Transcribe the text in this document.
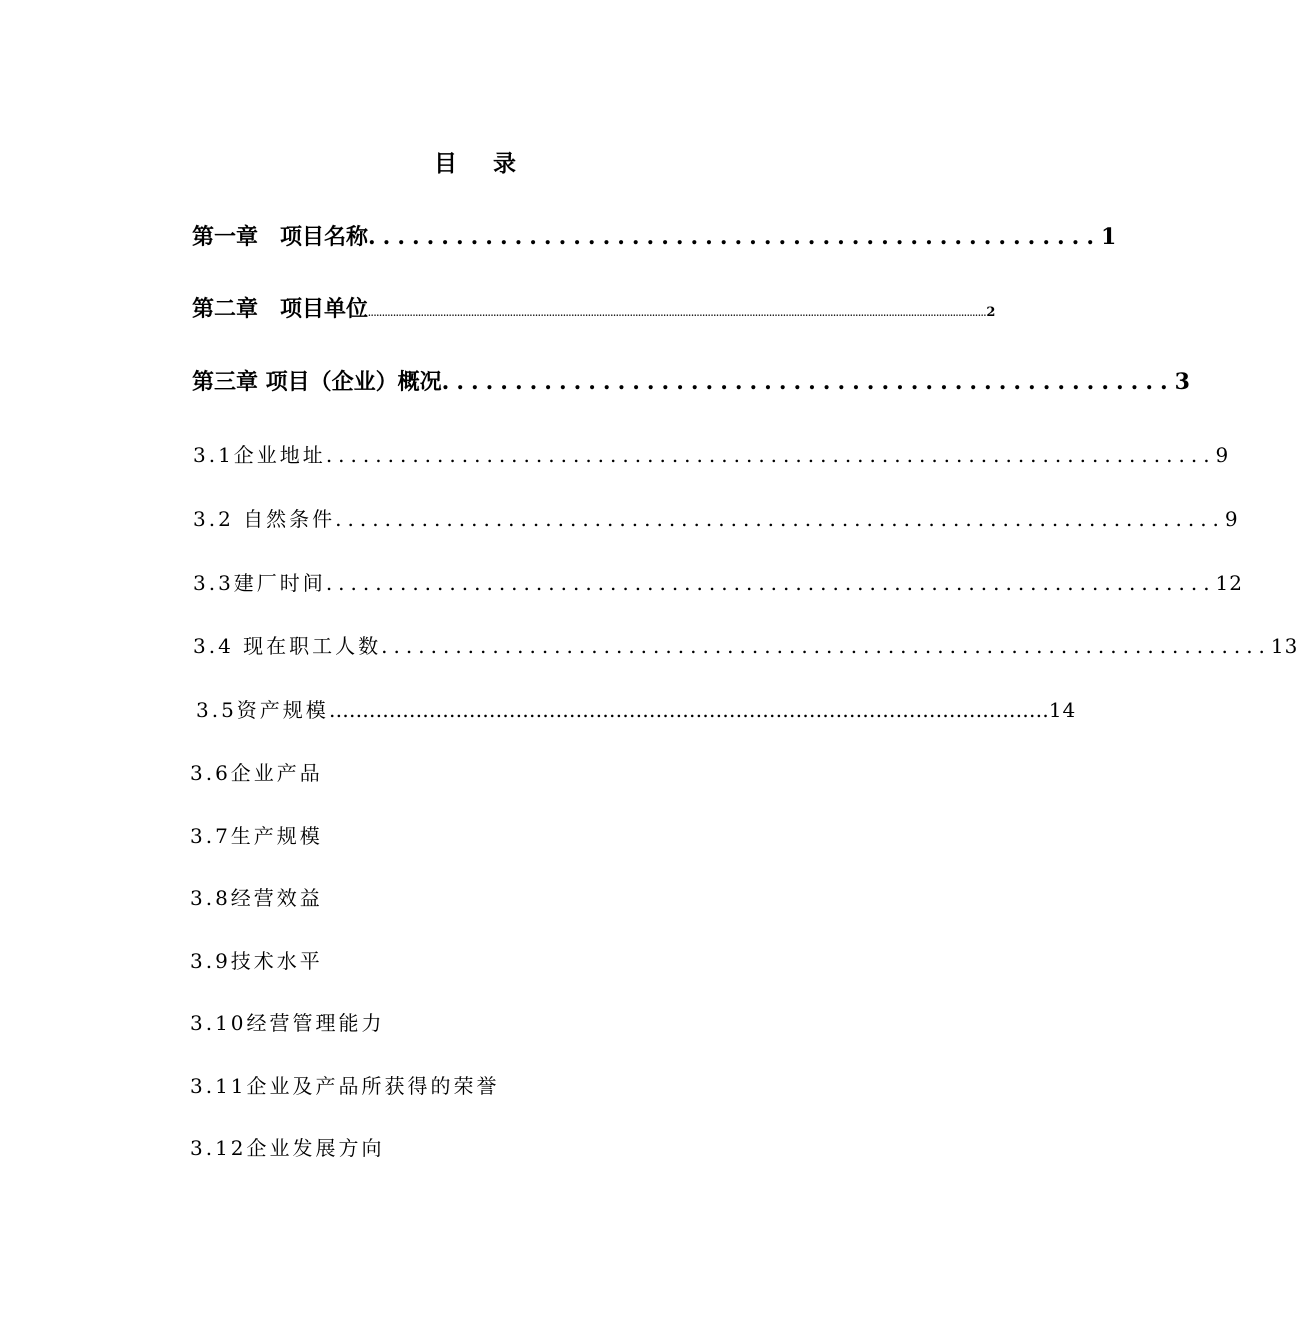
目 录
第一章　项目名称 .................................................. 1
第二章　项目单位 .............................................................................................................................................................................................................................. 2
第三章 项目（企业）概况 .................................................. 3
3.1企业地址 ........................................................................ 9
3.2 自然条件 ........................................................................ 9
3.3建厂时间 ........................................................................ 12
3.4 现在职工人数 ........................................................................ 13
3.5资产规模 ……………………………………………………………………………………………… 14
3.6企业产品
3.7生产规模
3.8经营效益
3.9技术水平
3.10经营管理能力
3.11企业及产品所获得的荣誉
3.12企业发展方向
